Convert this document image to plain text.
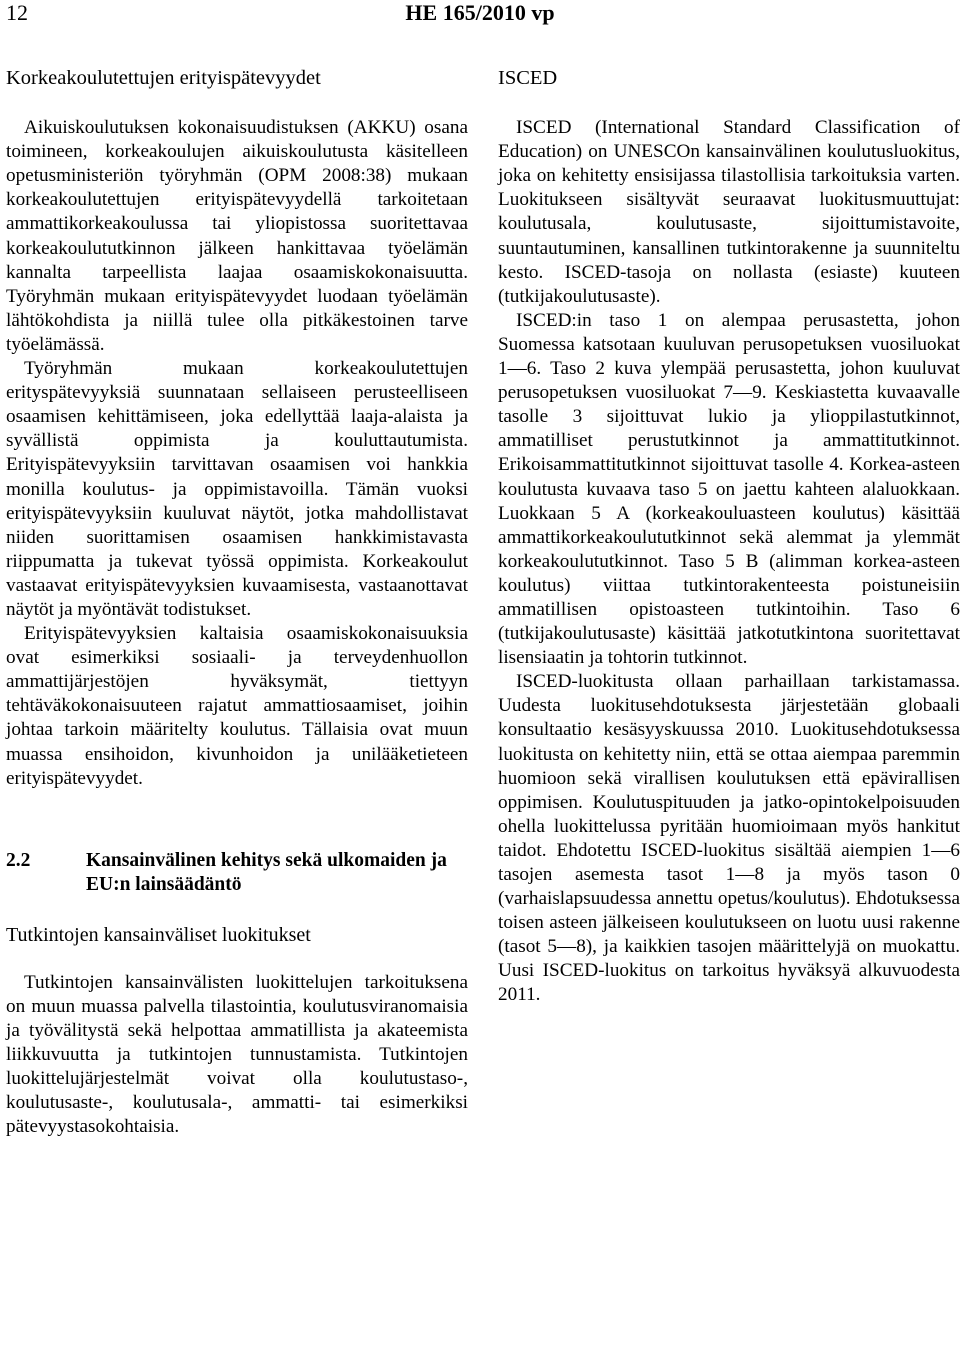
12	HE 165/2010 vp
Korkeakoulutettujen erityispätevyydet

Aikuiskoulutuksen kokonaisuudistuksen (AKKU) osana toimineen, korkeakoulujen aikuiskoulutusta käsitelleen opetusministeriön työryhmän (OPM 2008:38) mukaan korkeakoulutettujen erityispätevyydellä tarkoitetaan ammattikorkeakoulussa tai yliopistossa suoritettavaa korkeakoulututkinnon jälkeen hankittavaa työelämän kannalta tarpeellista laajaa osaamiskokonaisuutta. Työryhmän mukaan erityispätevyydet luodaan työelämän lähtökohdista ja niillä tulee olla pitkäkestoinen tarve työelämässä.

Työryhmän mukaan korkeakoulutettujen erityspätevyyksiä suunnataan sellaiseen perusteelliseen osaamisen kehittämiseen, joka edellyttää laaja-alaista ja syvällistä oppimista ja kouluttautumista. Erityispätevyyksiin tarvittavan osaamisen voi hankkia monilla koulutus- ja oppimistavoilla. Tämän vuoksi erityispätevyyksiin kuuluvat näytöt, jotka mahdollistavat niiden suorittamisen osaamisen hankkimistavasta riippumatta ja tukevat työssä oppimista. Korkeakoulut vastaavat erityispätevyyksien kuvaamisesta, vastaanottavat näytöt ja myöntävät todistukset.

Erityispätevyyksien kaltaisia osaamiskokonaisuuksia ovat esimerkiksi sosiaali- ja terveydenhuollon ammattijärjestöjen hyväksymät, tiettyyn tehtäväkokonaisuuteen rajatut ammattiosaamiset, joihin johtaa tarkoin määritelty koulutus. Tällaisia ovat muun muassa ensihoidon, kivunhoidon ja unilääketieteen erityispätevyydet.

2.2	Kansainvälinen kehitys sekä ulkomaiden ja EU:n lainsäädäntö
Tutkintojen kansainväliset luokitukset

Tutkintojen kansainvälisten luokittelujen tarkoituksena on muun muassa palvella tilastointia, koulutusviranomaisia ja työvälitystä sekä helpottaa ammatillista ja akateemista liikkuvuutta ja tutkintojen tunnustamista. Tutkintojen luokittelujärjestelmät voivat olla koulutustaso-, koulutusaste-, koulutusala-, ammatti- tai esimerkiksi pätevyystasokohtaisia.

ISCED

ISCED (International Standard Classification of Education) on UNESCOn kansainvälinen koulutusluokitus, joka on kehitetty ensisijassa tilastollisia tarkoituksia varten. Luokitukseen sisältyvät seuraavat luokitusmuuttujat: koulutusala, koulutusaste, sijoittumistavoite, suuntautuminen, kansallinen tutkintorakenne ja suunniteltu kesto. ISCED-tasoja on nollasta (esiaste) kuuteen (tutkijakoulutusaste).

ISCED:in taso 1 on alempaa perusastetta, johon Suomessa katsotaan kuuluvan perusopetuksen vuosiluokat 1—6. Taso 2 kuva ylempää perusastetta, johon kuuluvat perusopetuksen vuosiluokat 7—9. Keskiastetta kuvaavalle tasolle 3 sijoittuvat lukio ja ylioppilastutkinnot, ammatilliset perustutkinnot ja ammattitutkinnot. Erikoisammattitutkinnot sijoittuvat tasolle 4. Korkea-asteen koulutusta kuvaava taso 5 on jaettu kahteen alaluokkaan. Luokkaan 5 A (korkeakouluasteen koulutus) käsittää ammattikorkeakoulututkinnot sekä alemmat ja ylemmät korkeakoulututkinnot. Taso 5 B (alimman korkea-asteen koulutus) viittaa tutkintorakenteesta poistuneisiin ammatillisen opistoasteen tutkintoihin. Taso 6 (tutkijakoulutusaste) käsittää jatkotutkintona suoritettavat lisensiaatin ja tohtorin tutkinnot.

ISCED-luokitusta ollaan parhaillaan tarkistamassa. Uudesta luokitusehdotuksesta järjestetään globaali konsultaatio kesäsyyskuussa 2010. Luokitusehdotuksessa luokitusta on kehitetty niin, että se ottaa aiempaa paremmin huomioon sekä virallisen koulutuksen että epävirallisen oppimisen. Koulutuspituuden ja jatko-opintokelpoisuuden ohella luokittelussa pyritään huomioimaan myös hankitut taidot. Ehdotettu ISCED-luokitus sisältää aiempien 1—6 tasojen asemesta tasot 1—8 ja myös tason 0 (varhaislapsuudessa annettu opetus/koulutus). Ehdotuksessa toisen asteen jälkeiseen koulutukseen on luotu uusi rakenne (tasot 5—8), ja kaikkien tasojen määrittelyjä on muokattu. Uusi ISCED-luokitus on tarkoitus hyväksyä alkuvuodesta 2011.
